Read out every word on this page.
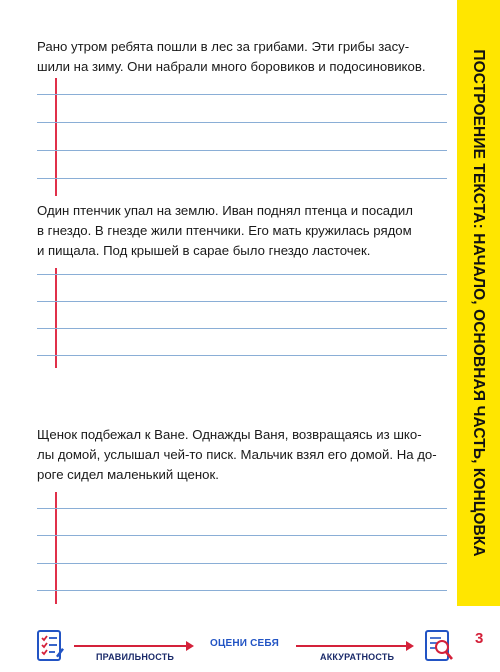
Рано утром ребята пошли в лес за грибами. Эти грибы засу-
шили на зиму. Они набрали много боровиков и подосиновиков.
Один птенчик упал на землю. Иван поднял птенца и посадил
в гнездо. В гнезде жили птенчики. Его мать кружилась рядом
и пищала. Под крышей в сарае было гнездо ласточек.
Щенок подбежал к Ване. Однажды Ваня, возвращаясь из шко-
лы домой, услышал чей-то писк. Мальчик взял его домой. На до-
роге сидел маленький щенок.	ПОСТРОЕНИЕ ТЕКСТА: НАЧАЛО, ОСНОВНАЯ ЧАСТЬ, КОНЦОВКА
ПРАВИЛЬНОСТЬ
ОЦЕНИ СЕБЯ
АККУРАТНОСТЬ
3
